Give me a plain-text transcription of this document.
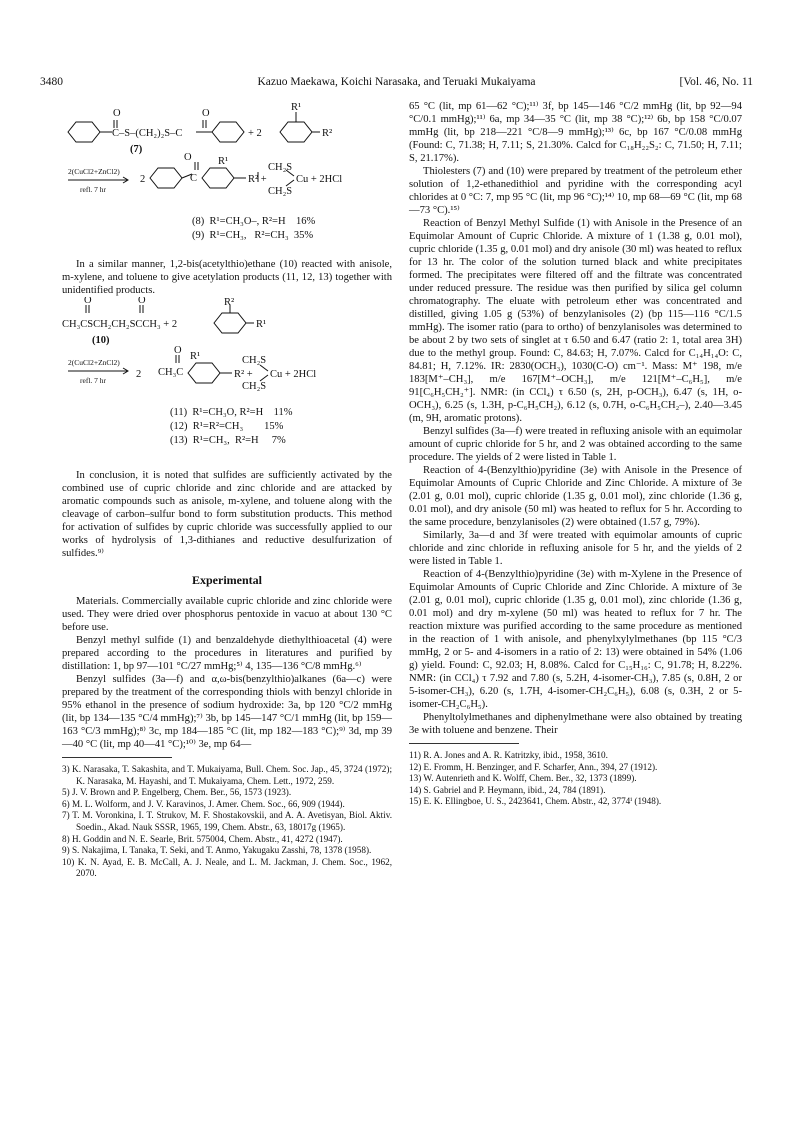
3480	Kazuo Maekawa, Koichi Narasaka, and Teruaki Mukaiyama	[Vol. 46, No. 11
O	O
R¹
C–S–(CH₂)₂S–C	+ 2	R²
O	R¹
C	R² +
CH₂S
CH₂S
Cu + 2HCl
2
(7)
2(CuCl2+ZnCl2)
refl. 7 hr
(8)  R¹=CH₃O–, R²=H    16%
(9)  R¹=CH₃,   R²=CH₃  35%

In a similar manner, 1,2-bis(acetylthio)ethane (10) reacted with anisole, m-xylene, and toluene to give acetylation products (11, 12, 13) together with unidentified products.

O	O	R²
R¹
O
R¹
CH₃C
2	R² +
CH₂S
CH₂S
Cu + 2HCl
CH₃CSCH₂CH₂SCCH₃ + 2
(10)
2(CuCl2+ZnCl2)
refl. 7 hr
(11)  R¹=CH₃O, R²=H    11%
(12)  R¹=R²=CH₃        15%
(13)  R¹=CH₃,  R²=H     7%

In conclusion, it is noted that sulfides are sufficiently activated by the combined use of cupric chloride and zinc chloride and are attacked by aromatic compounds such as anisole, m-xylene, and toluene along with the cleavage of carbon–sulfur bond to form substitution products. This method for activation of sulfides by cupric chloride was successfully applied to our works of hydrolysis of 1,3-dithianes and reductive desulfurization of sulfides.⁹⁾

Experimental

Materials. Commercially available cupric chloride and zinc chloride were used. They were dried over phosphorus pentoxide in vacuo at about 130 °C before use.

Benzyl methyl sulfide (1) and benzaldehyde diethylthioacetal (4) were prepared according to the procedures in literatures and purified by distillation: 1, bp 97—101 °C/27 mmHg;⁵⁾ 4, 135—136 °C/8 mmHg.⁶⁾

Benzyl sulfides (3a—f) and α,ω-bis(benzylthio)alkanes (6a—c) were prepared by the treatment of the corresponding thiols with benzyl chloride in 95% ethanol in the presence of sodium hydroxide: 3a, bp 120 °C/2 mmHg (lit, bp 134—135 °C/4 mmHg);⁷⁾ 3b, bp 145—147 °C/1 mmHg (lit, bp 159—163 °C/3 mmHg);⁸⁾ 3c, mp 184—185 °C (lit, mp 182—183 °C);⁹⁾ 3d, mp 39—40 °C (lit, mp 40—41 °C);¹⁰⁾ 3e, mp 64—

3) K. Narasaka, T. Sakashita, and T. Mukaiyama, Bull. Chem. Soc. Jap., 45, 3724 (1972); K. Narasaka, M. Hayashi, and T. Mukaiyama, Chem. Lett., 1972, 259.

5) J. V. Brown and P. Engelberg, Chem. Ber., 56, 1573 (1923).

6) M. L. Wolform, and J. V. Karavinos, J. Amer. Chem. Soc., 66, 909 (1944).

7) T. M. Voronkina, I. T. Strukov, M. F. Shostakovskii, and A. A. Avetisyan, Biol. Aktiv. Soedin., Akad. Nauk SSSR, 1965, 199, Chem. Abstr., 63, 18017g (1965).

8) H. Goddin and N. E. Searle, Brit. 575004, Chem. Abstr., 41, 4272 (1947).

9) S. Nakajima, I. Tanaka, T. Seki, and T. Anmo, Yakugaku Zasshi, 78, 1378 (1958).

10) K. N. Ayad, E. B. McCall, A. J. Neale, and L. M. Jackman, J. Chem. Soc., 1962, 2070.

65 °C (lit, mp 61—62 °C);¹¹⁾ 3f, bp 145—146 °C/2 mmHg (lit, bp 92—94 °C/0.1 mmHg);¹¹⁾ 6a, mp 34—35 °C (lit, mp 38 °C);¹²⁾ 6b, bp 158 °C/0.07 mmHg (lit, bp 218—221 °C/8—9 mmHg);¹³⁾ 6c, bp 167 °C/0.08 mmHg (Found: C, 71.38; H, 7.11; S, 21.30%. Calcd for C₁₈H₂₂S₂: C, 71.50; H, 7.11; S, 21.17%).

Thiolesters (7) and (10) were prepared by treatment of the petroleum ether solution of 1,2-ethanedithiol and pyridine with the corresponding acyl chlorides at 0 °C: 7, mp 95 °C (lit, mp 96 °C);¹⁴⁾ 10, mp 68—69 °C (lit, mp 68—73 °C).¹⁵⁾

Reaction of Benzyl Methyl Sulfide (1) with Anisole in the Presence of an Equimolar Amount of Cupric Chloride. A mixture of 1 (1.38 g, 0.01 mol), cupric chloride (1.35 g, 0.01 mol) and dry anisole (30 ml) was heated to reflux for 13 hr. The color of the solution turned black and white precipitates formed. The precipitates were filtered off and the filtrate was concentrated under reduced pressure. The residue was then purified by silica gel column chromatography. The eluate with petroleum ether was concentrated and distilled, giving 1.05 g (53%) of benzylanisoles (2) (bp 115—116 °C/1.5 mmHg). The isomer ratio (para to ortho) of benzylanisoles was determined to be about 2 by two sets of singlet at τ 6.50 and 6.47 (ratio 2: 1, total area 3H) due to the methyl group. Found: C, 84.63; H, 7.07%. Calcd for C₁₄H₁₄O: C, 84.81; H, 7.12%. IR: 2830(OCH₃), 1030(C-O) cm⁻¹. Mass: M⁺ 198, m/e 183[M⁺–CH₃], m/e 167[M⁺–OCH₃], m/e 121[M⁺–C₆H₅], m/e 91[C₆H₅CH₂⁺]. NMR: (in CCl₄) τ 6.50 (s, 2H, p-OCH₃), 6.47 (s, 1H, o-OCH₃), 6.25 (s, 1.3H, p-C₆H₅CH₂), 6.12 (s, 0.7H, o-C₆H₅CH₂–), 2.40—3.45 (m, 9H, aromatic protons).

Benzyl sulfides (3a—f) were treated in refluxing anisole with an equimolar amount of cupric chloride for 5 hr, and 2 was obtained according to the same procedure. The yields of 2 were listed in Table 1.

Reaction of 4-(Benzylthio)pyridine (3e) with Anisole in the Presence of Equimolar Amounts of Cupric Chloride and Zinc Chloride. A mixture of 3e (2.01 g, 0.01 mol), cupric chloride (1.35 g, 0.01 mol), zinc chloride (1.36 g, 0.01 mol), and dry anisole (50 ml) was heated to reflux for 5 hr. According to the same procedure, benzylanisoles (2) were obtained (1.57 g, 79%).

Similarly, 3a—d and 3f were treated with equimolar amounts of cupric chloride and zinc chloride in refluxing anisole for 5 hr, and the yields of 2 were listed in Table 1.

Reaction of 4-(Benzylthio)pyridine (3e) with m-Xylene in the Presence of Equimolar Amounts of Cupric Chloride and Zinc Chloride. A mixture of 3e (2.01 g, 0.01 mol), cupric chloride (1.35 g, 0.01 mol), zinc chloride (1.36 g, 0.01 mol) and dry m-xylene (50 ml) was heated to reflux for 7 hr. The reaction mixture was purified according to the same procedure as mentioned in the reaction of 1 with anisole, and phenylxylylmethanes (bp 115 °C/3 mmHg, 2 or 5- and 4-isomers in a ratio of 2: 13) were obtained in 54% (1.06 g) yield. Found: C, 92.03; H, 8.08%. Calcd for C₁₅H₁₆: C, 91.78; H, 8.22%. NMR: (in CCl₄) τ 7.92 and 7.80 (s, 5.2H, 4-isomer-CH₃), 7.85 (s, 0.8H, 2 or 5-isomer-CH₃), 6.20 (s, 1.7H, 4-isomer-CH₂C₆H₅), 6.08 (s, 0.3H, 2 or 5-isomer-CH₂C₆H₅).

Phenyltolylmethanes and diphenylmethane were also obtained by treating 3e with toluene and benzene. Their

11) R. A. Jones and A. R. Katritzky, ibid., 1958, 3610.

12) E. Fromm, H. Benzinger, and F. Scharfer, Ann., 394, 27 (1912).

13) W. Autenrieth and K. Wolff, Chem. Ber., 32, 1373 (1899).

14) S. Gabriel and P. Heymann, ibid., 24, 784 (1891).

15) E. K. Ellingboe, U. S., 2423641, Chem. Abstr., 42, 3774ⁱ (1948).
